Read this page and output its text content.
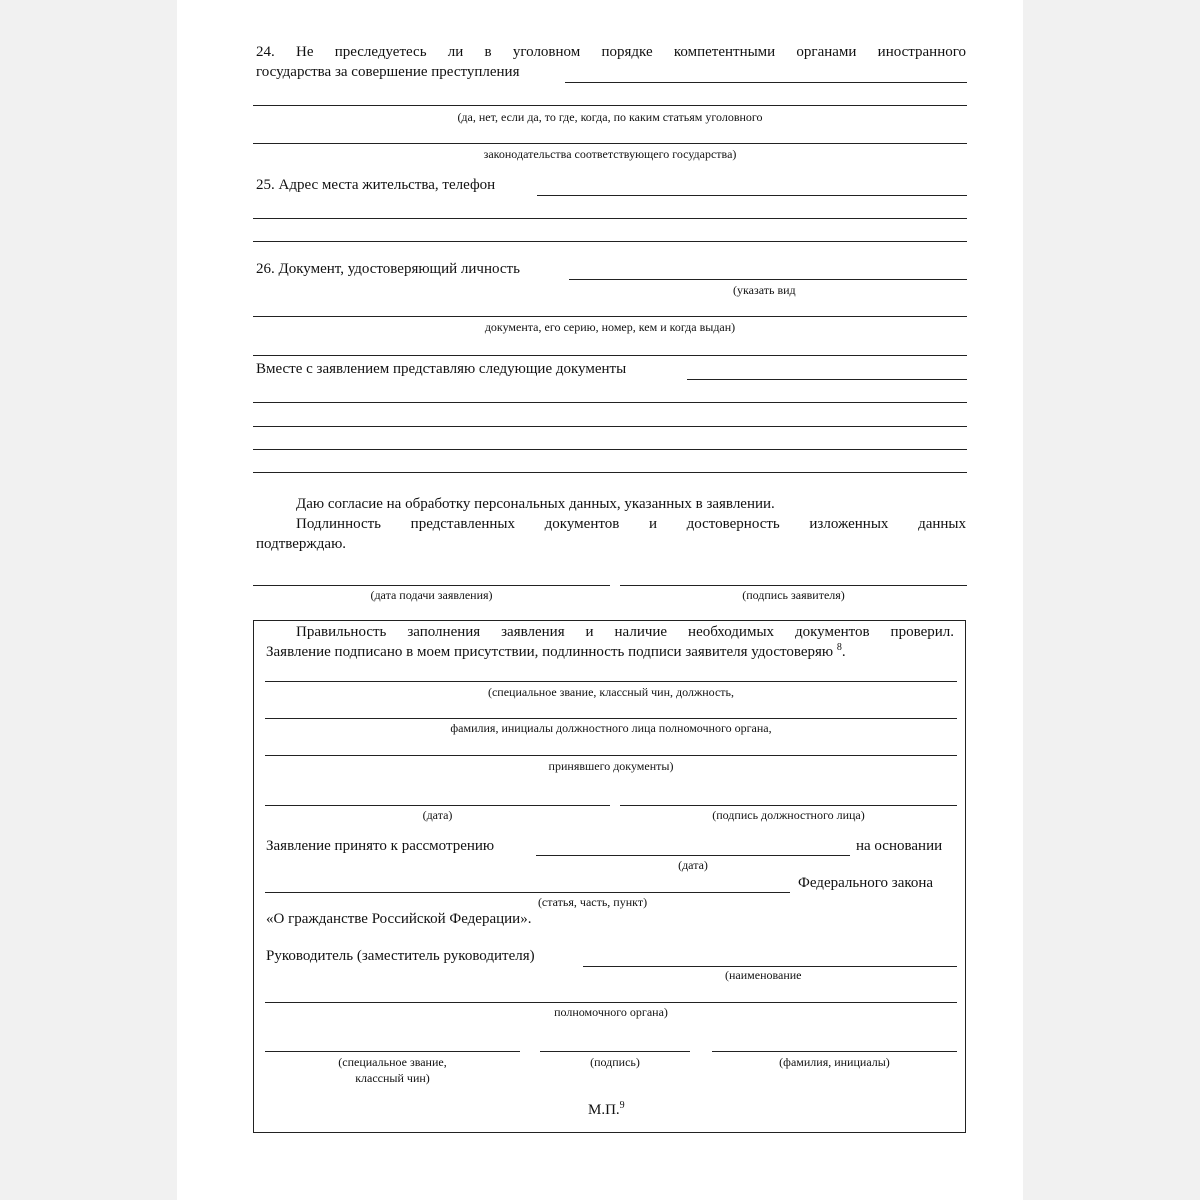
24. Не преследуетесь ли в уголовном порядке компетентными органами иностранного
государства за совершение преступления
(да, нет, если да, то где, когда, по каким статьям уголовного
законодательства соответствующего государства)
25. Адрес места жительства, телефон
26. Документ, удостоверяющий личность
(указать вид
документа, его серию, номер, кем и когда выдан)
Вместе с заявлением представляю следующие документы
Даю согласие на обработку персональных данных, указанных в заявлении.
Подлинность представленных документов и достоверность изложенных данных
подтверждаю.
(дата подачи заявления)	(подпись заявителя)
Правильность заполнения заявления и наличие необходимых документов проверил.
Заявление подписано в моем присутствии, подлинность подписи заявителя удостоверяю $^8$.
(специальное звание, классный чин, должность,
фамилия, инициалы должностного лица полномочного органа,
принявшего документы)
(дата)	(подпись должностного лица)
Заявление принято к рассмотрению	на основании
(дата)
Федерального закона
(статья, часть, пункт)
«О гражданстве Российской Федерации».
Руководитель (заместитель руководителя)
(наименование
полномочного органа)
(специальное звание,
классный чин)
(подпись)	(фамилия, инициалы)
М.П.$^9$
